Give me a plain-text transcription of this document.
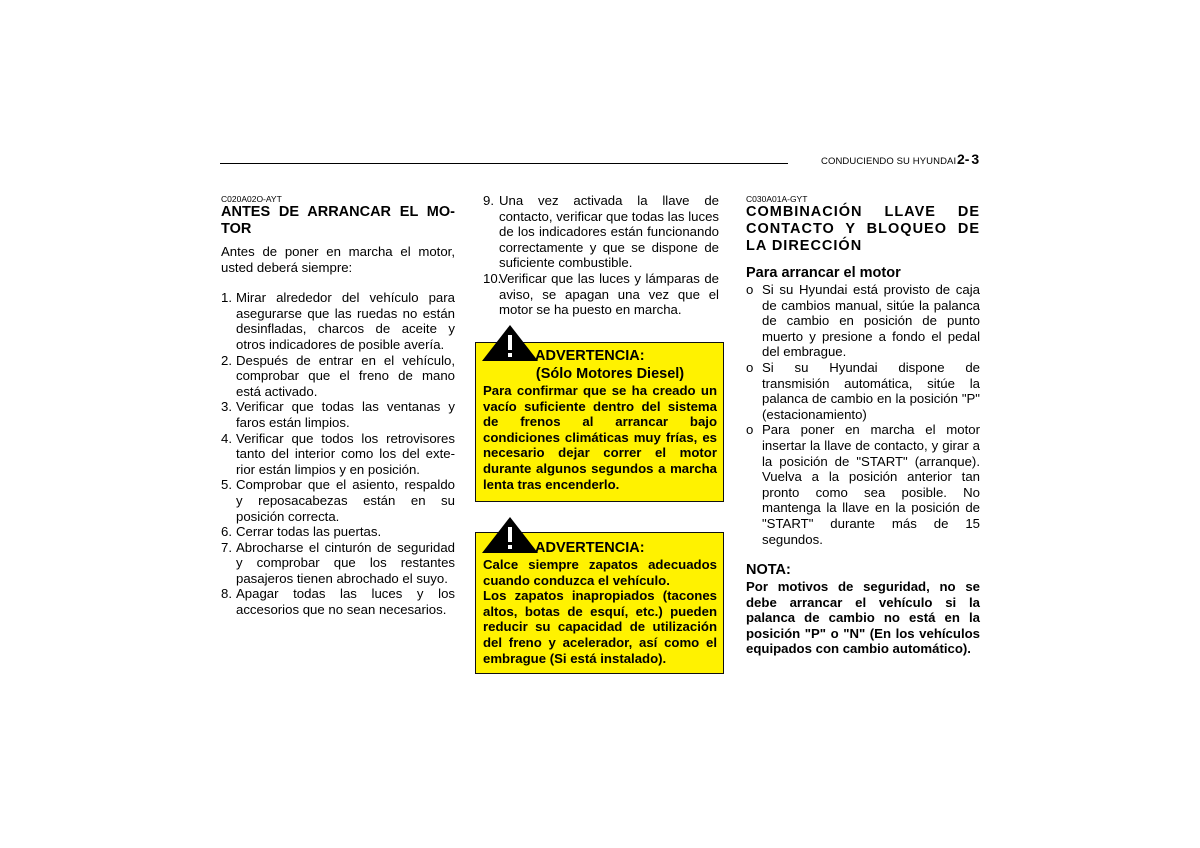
CONDUCIENDO SU HYUNDAI 2- 3
C020A02O-AYT
ANTES DE ARRANCAR EL MO-TOR

Antes de poner en marcha el motor, usted deberá siempre:

1. Mirar alrededor del vehículo para asegurarse que las ruedas no están desinfladas, charcos de aceite y otros indicadores de posible avería.
2. Después de entrar en el vehículo, comprobar que el freno de mano está activado.
3. Verificar que todas las ventanas y faros están limpios.
4. Verificar que todos los retrovisores tanto del interior como los del exte-rior están limpios y en posición.
5. Comprobar que el asiento, respaldo y reposacabezas están en su posición correcta.
6. Cerrar todas las puertas.
7. Abrocharse el cinturón de seguridad y comprobar que los restantes pasajeros tienen abrochado el suyo.
8. Apagar todas las luces y los accesorios que no sean necesarios.
9. Una vez activada la llave de contacto, verificar que todas las luces de los indicadores están funcionando correctamente y que se dispone de suficiente combustible.
10.
Verificar que las luces y lámparas de aviso, se apagan una vez que el motor se ha puesto en marcha.
ADVERTENCIA:
(Sólo Motores Diesel)
Para confirmar que se ha creado un vacío suficiente dentro del sistema de frenos al arrancar bajo condiciones climáticas muy frías, es necesario dejar correr el motor durante algunos segundos a marcha lenta tras encenderlo.
ADVERTENCIA:
Calce siempre zapatos adecuados cuando conduzca el vehículo.
Los zapatos inapropiados (tacones altos, botas de esquí, etc.) pueden reducir su capacidad de utilización del freno y acelerador, así como el embrague (Si está instalado).
C030A01A-GYT
COMBINACIÓN LLAVE DE CONTACTO Y BLOQUEO DE LA DIRECCIÓN
Para arrancar el motor
o Si su Hyundai está provisto de caja de cambios manual, sitúe la palanca de cambio en posición de punto muerto y presione a fondo el pedal del embrague.
o Si su Hyundai dispone de transmisión automática, sitúe la palanca de cambio en la posición "P" (estacionamiento)
o Para poner en marcha el motor insertar la llave de contacto, y girar a la posición de "START" (arranque). Vuelva a la posición anterior tan pronto como sea posible. No mantenga la llave en la posición de "START" durante más de 15 segundos.
NOTA:

Por motivos de seguridad, no se debe arrancar el vehículo si la palanca de cambio no está en la posición "P" o "N" (En los vehículos equipados con cambio automático).
